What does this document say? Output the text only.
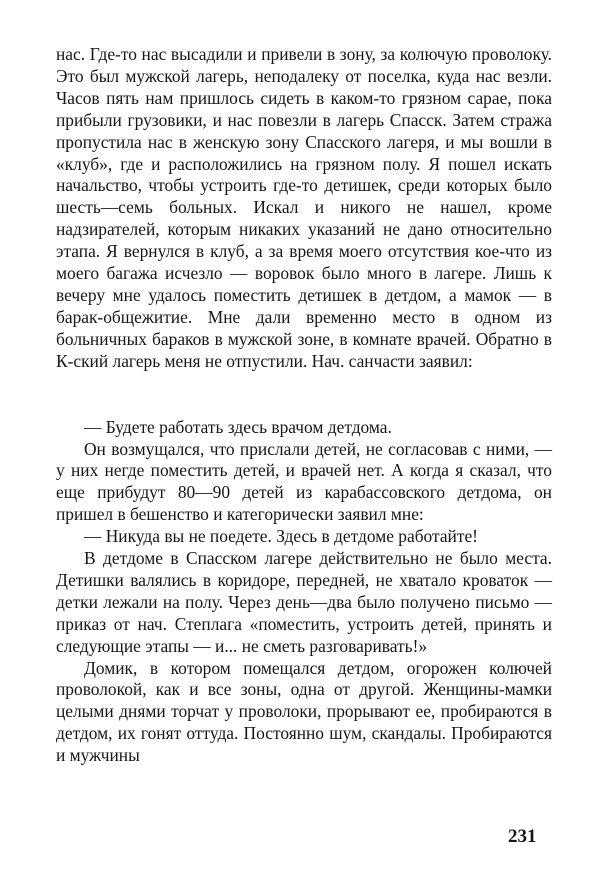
нас. Где-то нас высадили и привели в зону, за колючую проволоку. Это был мужской лагерь, неподалеку от поселка, куда нас везли. Часов пять нам пришлось сидеть в каком-то грязном сарае, пока прибыли грузовики, и нас повезли в лагерь Спасск. Затем стража пропустила нас в женскую зону Спасского лагеря, и мы вошли в «клуб», где и расположились на грязном полу. Я пошел искать начальство, чтобы устроить где-то детишек, среди которых было шесть—семь больных. Искал и никого не нашел, кроме надзирателей, которым никаких указаний не дано относительно этапа. Я вернулся в клуб, а за время моего отсутствия кое-что из моего багажа исчезло — воровок было много в лагере. Лишь к вечеру мне удалось поместить детишек в детдом, а мамок — в барак-общежитие. Мне дали временно место в одном из больничных бараков в мужской зоне, в комнате врачей. Обратно в К-ский лагерь меня не отпустили. Нач. санчасти заявил:

— Будете работать здесь врачом детдома.

Он возмущался, что прислали детей, не согласовав с ними, — у них негде поместить детей, и врачей нет. А когда я сказал, что еще прибудут 80—90 детей из карабассовского детдома, он пришел в бешенство и категорически заявил мне:

— Никуда вы не поедете. Здесь в детдоме работайте!

В детдоме в Спасском лагере действительно не было места. Детишки валялись в коридоре, передней, не хватало кроваток — детки лежали на полу. Через день—два было получено письмо — приказ от нач. Степлага «поместить, устроить детей, принять и следующие этапы — и... не сметь разговаривать!»

Домик, в котором помещался детдом, огорожен колючей проволокой, как и все зоны, одна от другой. Женщины-мамки целыми днями торчат у проволоки, прорывают ее, пробираются в детдом, их гонят оттуда. Постоянно шум, скандалы. Пробираются и мужчины

231
